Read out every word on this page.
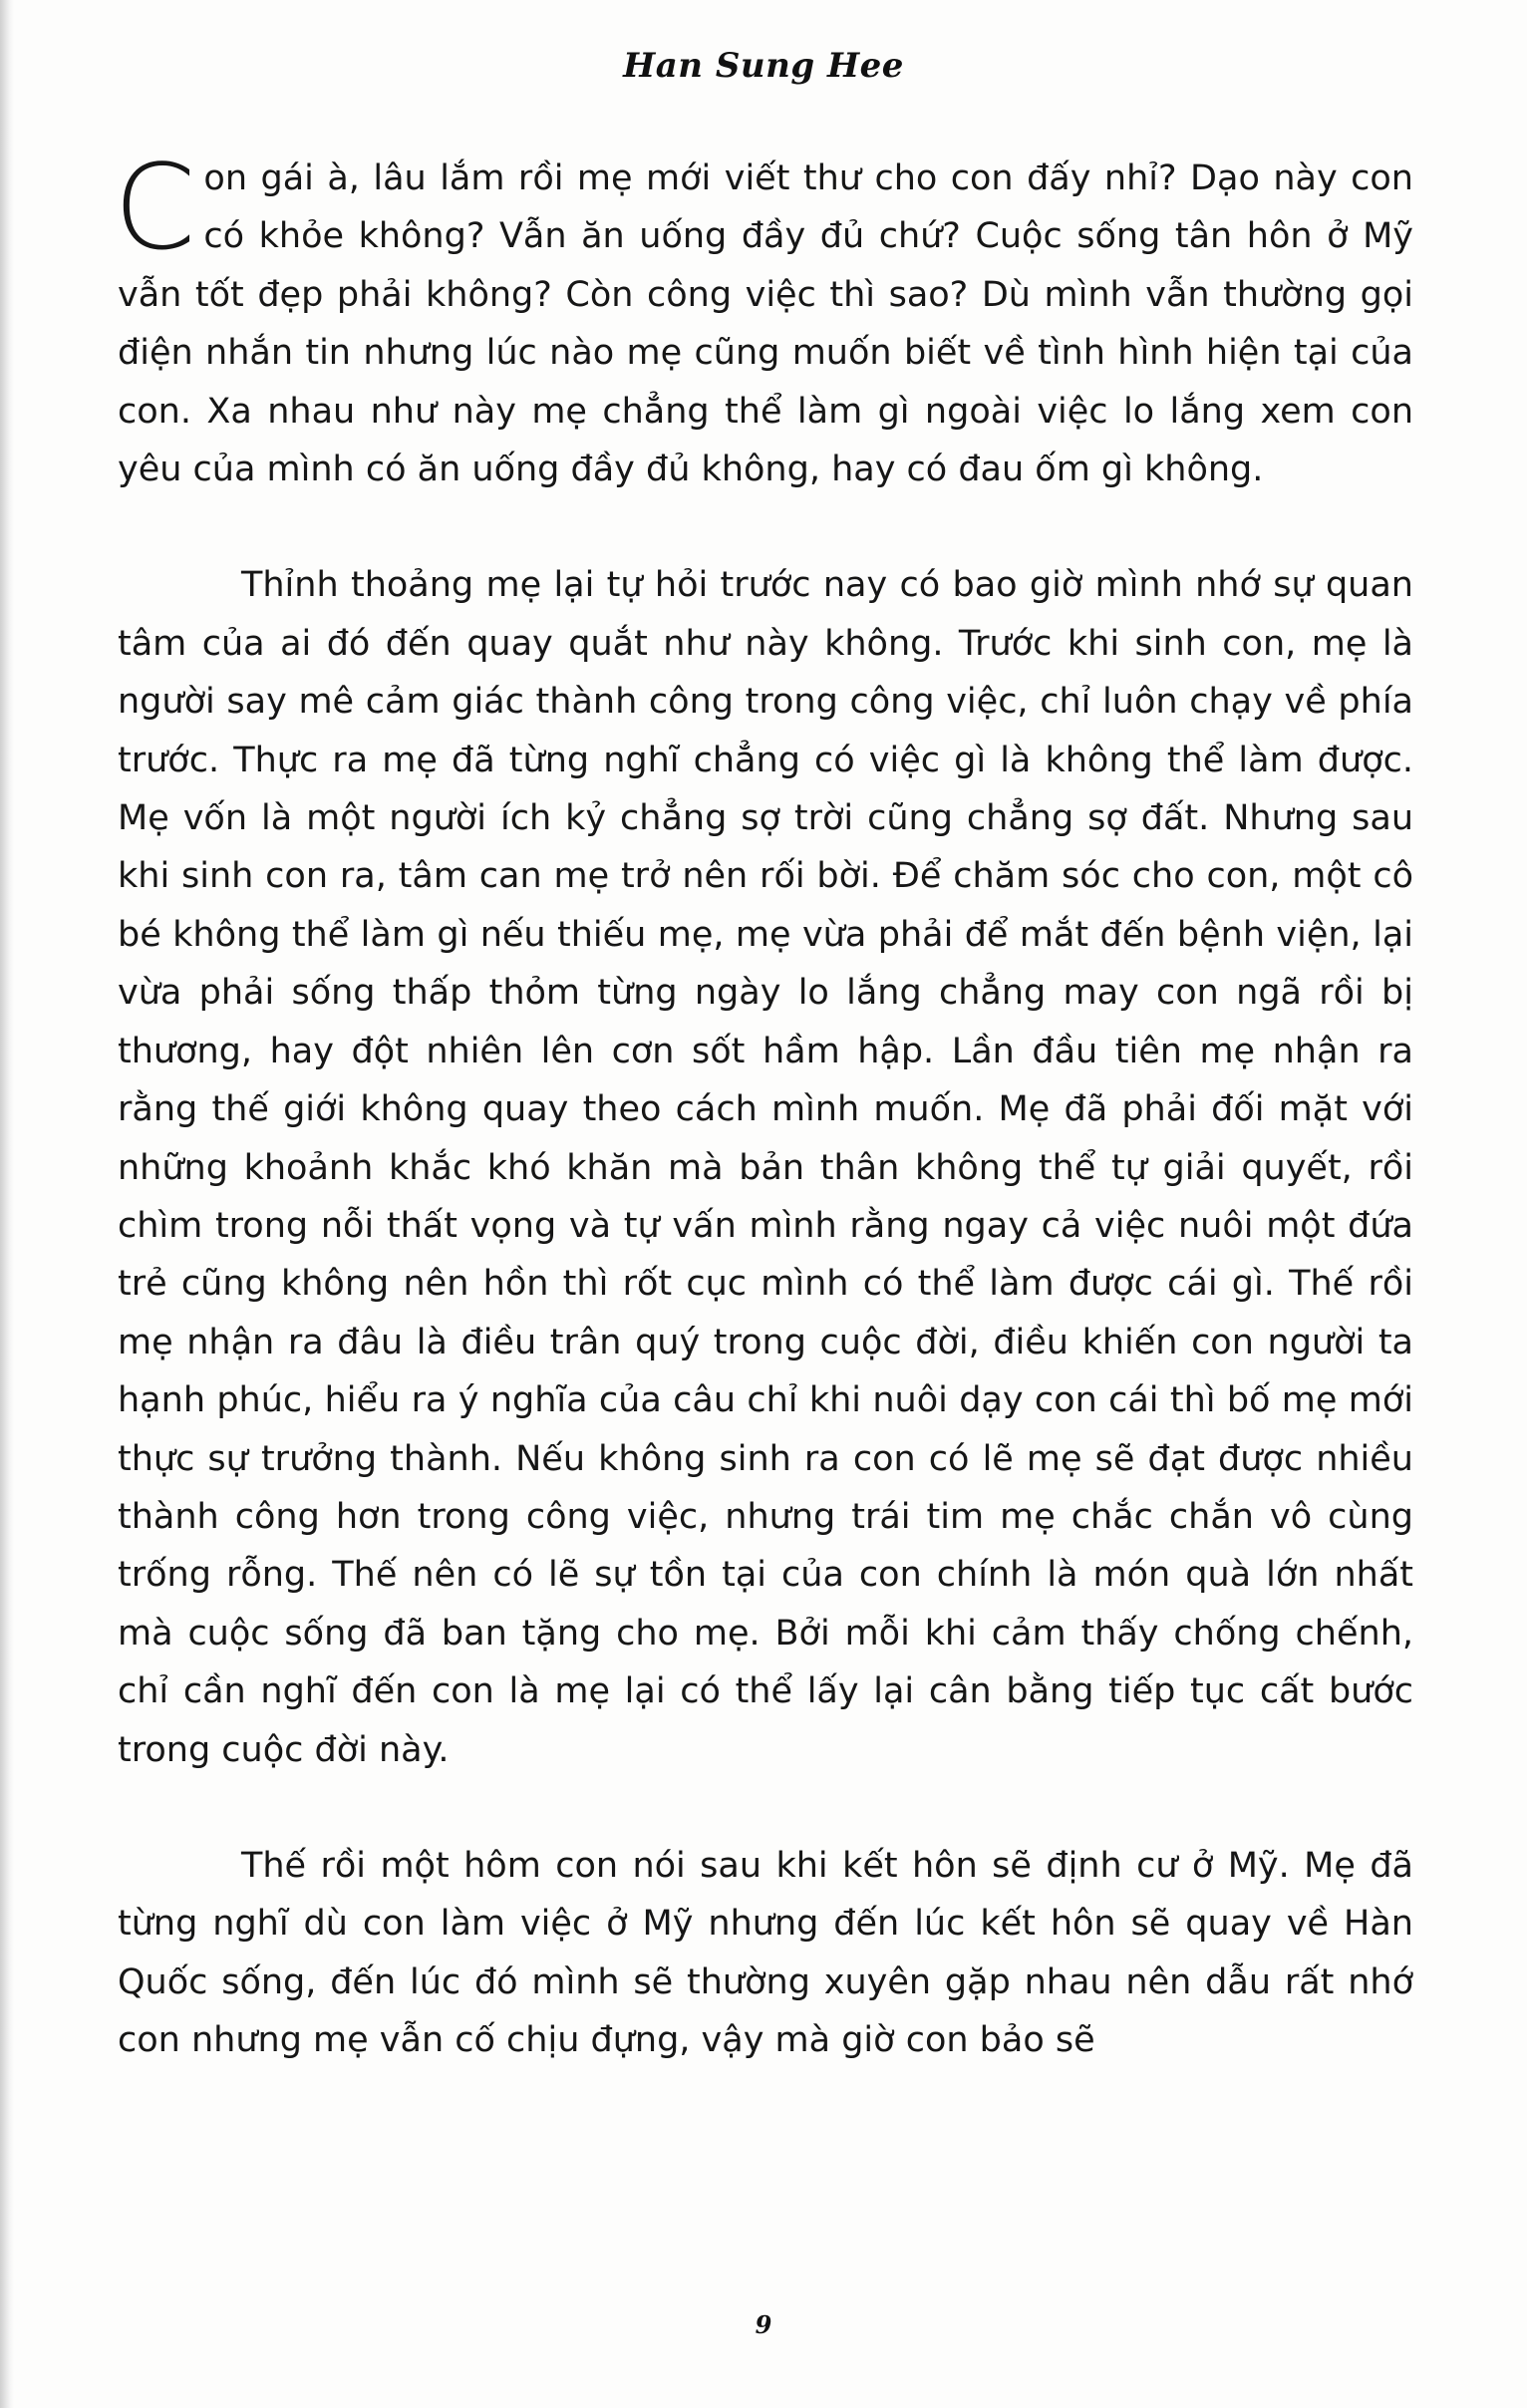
Han Sung Hee

Con gái à, lâu lắm rồi mẹ mới viết thư cho con đấy nhỉ? Dạo này con có khỏe không? Vẫn ăn uống đầy đủ chứ? Cuộc sống tân hôn ở Mỹ vẫn tốt đẹp phải không? Còn công việc thì sao? Dù mình vẫn thường gọi điện nhắn tin nhưng lúc nào mẹ cũng muốn biết về tình hình hiện tại của con. Xa nhau như này mẹ chẳng thể làm gì ngoài việc lo lắng xem con yêu của mình có ăn uống đầy đủ không, hay có đau ốm gì không.

Thỉnh thoảng mẹ lại tự hỏi trước nay có bao giờ mình nhớ sự quan tâm của ai đó đến quay quắt như này không. Trước khi sinh con, mẹ là người say mê cảm giác thành công trong công việc, chỉ luôn chạy về phía trước. Thực ra mẹ đã từng nghĩ chẳng có việc gì là không thể làm được. Mẹ vốn là một người ích kỷ chẳng sợ trời cũng chẳng sợ đất. Nhưng sau khi sinh con ra, tâm can mẹ trở nên rối bời. Để chăm sóc cho con, một cô bé không thể làm gì nếu thiếu mẹ, mẹ vừa phải để mắt đến bệnh viện, lại vừa phải sống thấp thỏm từng ngày lo lắng chẳng may con ngã rồi bị thương, hay đột nhiên lên cơn sốt hầm hập. Lần đầu tiên mẹ nhận ra rằng thế giới không quay theo cách mình muốn. Mẹ đã phải đối mặt với những khoảnh khắc khó khăn mà bản thân không thể tự giải quyết, rồi chìm trong nỗi thất vọng và tự vấn mình rằng ngay cả việc nuôi một đứa trẻ cũng không nên hồn thì rốt cục mình có thể làm được cái gì. Thế rồi mẹ nhận ra đâu là điều trân quý trong cuộc đời, điều khiến con người ta hạnh phúc, hiểu ra ý nghĩa của câu chỉ khi nuôi dạy con cái thì bố mẹ mới thực sự trưởng thành. Nếu không sinh ra con có lẽ mẹ sẽ đạt được nhiều thành công hơn trong công việc, nhưng trái tim mẹ chắc chắn vô cùng trống rỗng. Thế nên có lẽ sự tồn tại của con chính là món quà lớn nhất mà cuộc sống đã ban tặng cho mẹ. Bởi mỗi khi cảm thấy chống chếnh, chỉ cần nghĩ đến con là mẹ lại có thể lấy lại cân bằng tiếp tục cất bước trong cuộc đời này.

Thế rồi một hôm con nói sau khi kết hôn sẽ định cư ở Mỹ. Mẹ đã từng nghĩ dù con làm việc ở Mỹ nhưng đến lúc kết hôn sẽ quay về Hàn Quốc sống, đến lúc đó mình sẽ thường xuyên gặp nhau nên dẫu rất nhớ con nhưng mẹ vẫn cố chịu đựng, vậy mà giờ con bảo sẽ

9
